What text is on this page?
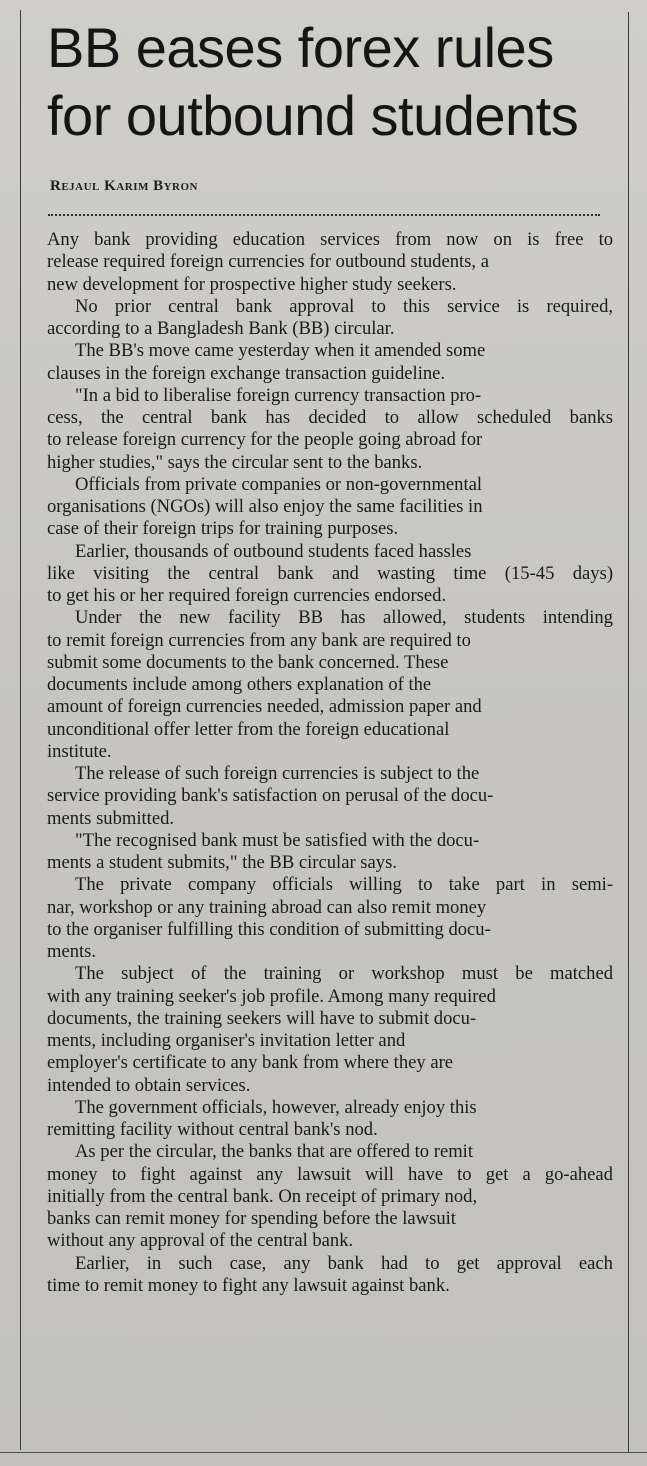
BB eases forex rules
for outbound students
Rejaul Karim Byron

Any bank providing education services from now on is free to
release required foreign currencies for outbound students, a
new development for prospective higher study seekers.

No prior central bank approval to this service is required,
according to a Bangladesh Bank (BB) circular.

The BB's move came yesterday when it amended some
clauses in the foreign exchange transaction guideline.

"In a bid to liberalise foreign currency transaction pro-
cess, the central bank has decided to allow scheduled banks
to release foreign currency for the people going abroad for
higher studies," says the circular sent to the banks.

Officials from private companies or non-governmental
organisations (NGOs) will also enjoy the same facilities in
case of their foreign trips for training purposes.

Earlier, thousands of outbound students faced hassles
like visiting the central bank and wasting time (15-45 days)
to get his or her required foreign currencies endorsed.

Under the new facility BB has allowed, students intending
to remit foreign currencies from any bank are required to
submit some documents to the bank concerned. These
documents include among others explanation of the
amount of foreign currencies needed, admission paper and
unconditional offer letter from the foreign educational
institute.

The release of such foreign currencies is subject to the
service providing bank's satisfaction on perusal of the docu-
ments submitted.

"The recognised bank must be satisfied with the docu-
ments a student submits," the BB circular says.

The private company officials willing to take part in semi-
nar, workshop or any training abroad can also remit money
to the organiser fulfilling this condition of submitting docu-
ments.

The subject of the training or workshop must be matched
with any training seeker's job profile. Among many required
documents, the training seekers will have to submit docu-
ments, including organiser's invitation letter and
employer's certificate to any bank from where they are
intended to obtain services.

The government officials, however, already enjoy this
remitting facility without central bank's nod.

As per the circular, the banks that are offered to remit
money to fight against any lawsuit will have to get a go-ahead
initially from the central bank. On receipt of primary nod,
banks can remit money for spending before the lawsuit
without any approval of the central bank.

Earlier, in such case, any bank had to get approval each
time to remit money to fight any lawsuit against bank.
